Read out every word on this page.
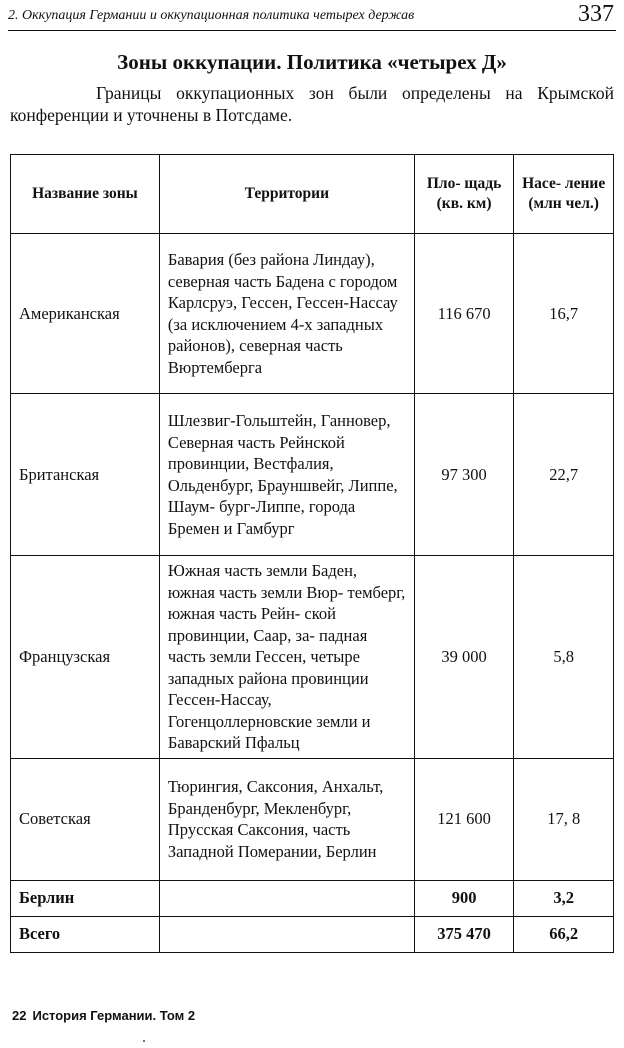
2. Оккупация Германии и оккупационная политика четырех держав	337
Зоны оккупации. Политика «четырех Д»

Границы оккупационных зон были определены на Крымской конференции и уточнены в Потсдаме.

Название зоны	Территории	Пло- щадь (кв. км)	Насе- ление (млн чел.)
Американская	Бавария (без района Линдау), северная часть Бадена с городом Карлсруэ, Гессен, Гессен-Нассау (за исключением 4-х западных районов), северная часть Вюртемберга	116 670	16,7
Британская	Шлезвиг-Гольштейн, Ганновер, Северная часть Рейнской провинции, Вестфалия, Ольденбург, Брауншвейг, Липпе, Шаум- бург-Липпе, города Бремен и Гамбург	97 300	22,7
Французская	Южная часть земли Баден, южная часть земли Вюр- темберг, южная часть Рейн- ской провинции, Саар, за- падная часть земли Гессен, четыре западных района провинции Гессен-Нассау, Гогенцоллерновские земли и Баварский Пфальц	39 000	5,8
Советская	Тюрингия, Саксония, Анхальт, Бранденбург, Мекленбург, Прусская Саксония, часть Западной Померании, Берлин	121 600	17, 8
Берлин		900	3,2
Всего		375 470	66,2
22 История Германии. Том 2
